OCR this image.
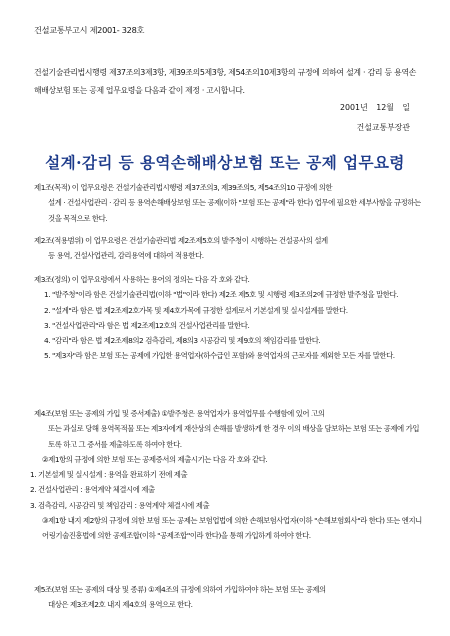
건설교통부고시 제2001- 328호
건설기술관리법시행령 제37조의3제3항, 제39조의5제3항, 제54조의10제3항의 규정에 의하여 설계 · 감리 등 용역손해배상보험 또는 공제 업무요령을 다음과 같이 제정 · 고시합니다.
2001년 12월 일
건설교통부장관
설계·감리 등 용역손해배상보험 또는 공제 업무요령
제1조(목적) 이 업무요령은 건설기술관리법시행령 제37조의3, 제39조의5, 제54조의10 규정에 의한
설계 · 건설사업관리 · 감리 등 용역손해배상보험 또는 공제(이하 "보험 또는 공제"라 한다) 업무에 필요한 세부사항을 규정하는 것을 목적으로 한다.
제2조(적용범위) 이 업무요령은 건설기술관리법 제2조제5호의 발주청이 시행하는 건설공사의 설계
등 용역, 건설사업관리, 감리용역에 대하여 적용한다.
제3조(정의) 이 업무요령에서 사용하는 용어의 정의는 다음 각 호와 같다.
1. "발주청"이라 함은 건설기술관리법(이하 "법"이라 한다) 제2조 제5호 및 시행령 제3조의2에 규정한 발주청을 말한다.
2. "설계"라 함은 법 제2조제2호가목 및 제4호가목에 규정한 설계로서 기본설계 및 실시설계를 말한다.
3. "건설사업관리"라 함은 법 제2조제12호의 건설사업관리를 말한다.
4. "감리"라 함은 법 제2조제8의2 검측감리, 제8의3 시공감리 및 제9호의 책임감리를 말한다.
5. "제3자"라 함은 보험 또는 공제에 가입한 용역업자(하수급인 포함)와 용역업자의 근로자를 제외한 모든 자를 말한다.
제4조(보험 또는 공제의 가입 및 증서제출) ①발주청은 용역업자가 용역업무를 수행함에 있어 고의
또는 과실로 당해 용역목적물 또는 제3자에게 재산상의 손해를 발생하게 한 경우 이의 배상을 담보하는 보험 또는 공제에 가입토록 하고 그 증서를 제출하도록 하여야 한다.
②제1항의 규정에 의한 보험 또는 공제증서의 제출시기는 다음 각 호와 같다.
1. 기본설계 및 실시설계 : 용역을 완료하기 전에 제출
2. 건설사업관리 : 용역계약 체결시에 제출
3. 검측감리, 시공감리 및 책임감리 : 용역계약 체결시에 제출
③제1항 내지 제2항의 규정에 의한 보험 또는 공제는 보험업법에 의한 손해보험사업자(이하 "손해보험회사"라 한다) 또는 엔지니어링기술진흥법에 의한 공제조합(이하 "공제조합"이라 한다)을 통해 가입하게 하여야 한다.
제5조(보험 또는 공제의 대상 및 종류) ①제4조의 규정에 의하여 가입하여야 하는 보험 또는 공제의
대상은 제3조제2호 내지 제4호의 용역으로 한다.
